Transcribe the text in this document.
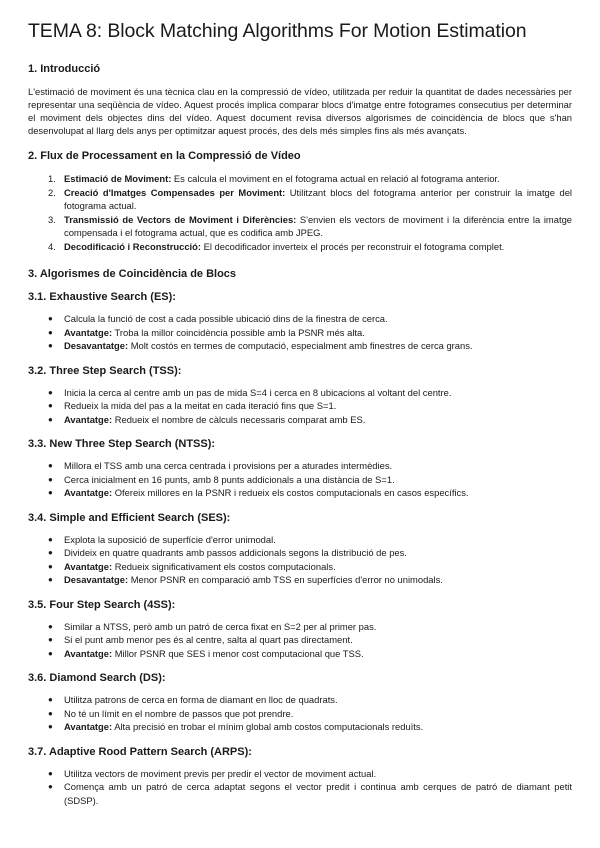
TEMA 8: Block Matching Algorithms For Motion Estimation
1. Introducció

L'estimació de moviment és una tècnica clau en la compressió de vídeo, utilitzada per reduir la quantitat de dades necessàries per representar una seqüència de vídeo. Aquest procés implica comparar blocs d'imatge entre fotogrames consecutius per determinar el moviment dels objectes dins del vídeo. Aquest document revisa diversos algorismes de coincidència de blocs que s'han desenvolupat al llarg dels anys per optimitzar aquest procés, des dels més simples fins als més avançats.

2. Flux de Processament en la Compressió de Vídeo
1. Estimació de Moviment: Es calcula el moviment en el fotograma actual en relació al fotograma anterior.
2. Creació d'Imatges Compensades per Moviment: Utilitzant blocs del fotograma anterior per construir la imatge del fotograma actual.
3. Transmissió de Vectors de Moviment i Diferències: S'envien els vectors de moviment i la diferència entre la imatge compensada i el fotograma actual, que es codifica amb JPEG.
4. Decodificació i Reconstrucció: El decodificador inverteix el procés per reconstruir el fotograma complet.
3. Algorismes de Coincidència de Blocs
3.1. Exhaustive Search (ES):
● Calcula la funció de cost a cada possible ubicació dins de la finestra de cerca.
● Avantatge: Troba la millor coincidència possible amb la PSNR més alta.
● Desavantatge: Molt costós en termes de computació, especialment amb finestres de cerca grans.
3.2. Three Step Search (TSS):
● Inicia la cerca al centre amb un pas de mida S=4 i cerca en 8 ubicacions al voltant del centre.
● Redueix la mida del pas a la meitat en cada iteració fins que S=1.
● Avantatge: Redueix el nombre de càlculs necessaris comparat amb ES.
3.3. New Three Step Search (NTSS):
● Millora el TSS amb una cerca centrada i provisions per a aturades intermèdies.
● Cerca inicialment en 16 punts, amb 8 punts addicionals a una distància de S=1.
● Avantatge: Ofereix millores en la PSNR i redueix els costos computacionals en casos específics.
3.4. Simple and Efficient Search (SES):
● Explota la suposició de superfície d'error unimodal.
● Divideix en quatre quadrants amb passos addicionals segons la distribució de pes.
● Avantatge: Redueix significativament els costos computacionals.
● Desavantatge: Menor PSNR en comparació amb TSS en superfícies d'error no unimodals.
3.5. Four Step Search (4SS):
● Similar a NTSS, però amb un patró de cerca fixat en S=2 per al primer pas.
● Si el punt amb menor pes és al centre, salta al quart pas directament.
● Avantatge: Millor PSNR que SES i menor cost computacional que TSS.
3.6. Diamond Search (DS):
● Utilitza patrons de cerca en forma de diamant en lloc de quadrats.
● No té un límit en el nombre de passos que pot prendre.
● Avantatge: Alta precisió en trobar el mínim global amb costos computacionals reduïts.
3.7. Adaptive Rood Pattern Search (ARPS):
● Utilitza vectors de moviment previs per predir el vector de moviment actual.
● Comença amb un patró de cerca adaptat segons el vector predit i continua amb cerques de patró de diamant petit (SDSP).
